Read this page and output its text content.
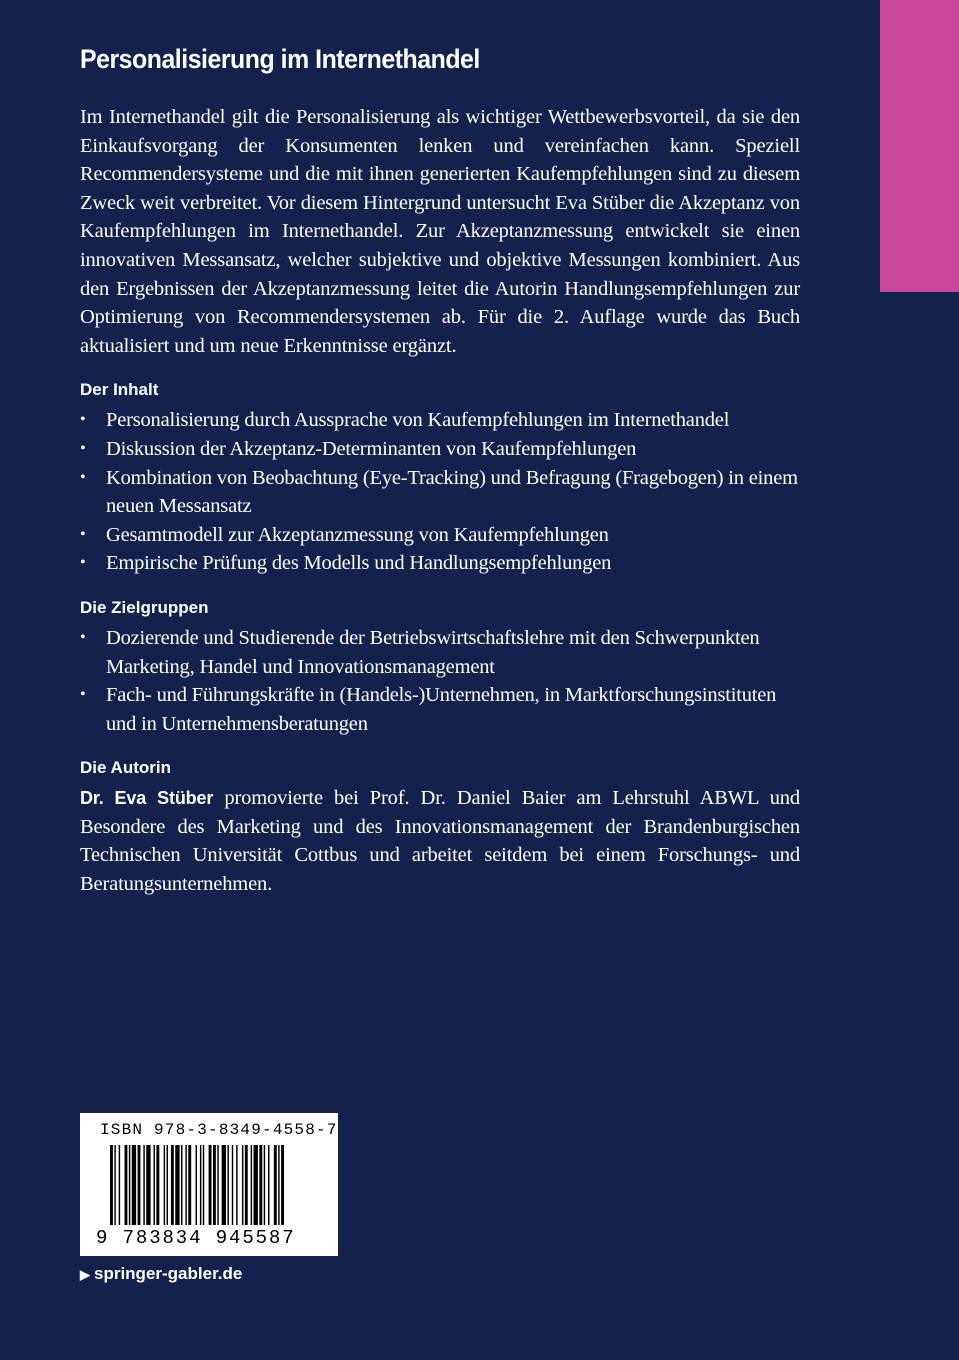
Personalisierung im Internethandel

Im Internethandel gilt die Personalisierung als wichtiger Wettbewerbsvorteil, da sie den Einkaufsvorgang der Konsumenten lenken und vereinfachen kann. Speziell Recommendersysteme und die mit ihnen generierten Kaufempfehlungen sind zu diesem Zweck weit verbreitet. Vor diesem Hintergrund untersucht Eva Stüber die Akzeptanz von Kaufempfehlungen im Internethandel. Zur Akzeptanzmessung entwickelt sie einen innovativen Messansatz, welcher subjektive und objektive Messungen kombiniert. Aus den Ergebnissen der Akzeptanzmessung leitet die Autorin Handlungsempfehlungen zur Optimierung von Recommendersystemen ab. Für die 2. Auflage wurde das Buch aktualisiert und um neue Erkenntnisse ergänzt.

Der Inhalt
• Personalisierung durch Aussprache von Kaufempfehlungen im Internethandel
• Diskussion der Akzeptanz-Determinanten von Kaufempfehlungen
• Kombination von Beobachtung (Eye-Tracking) und Befragung (Fragebogen) in einem neuen Messansatz
• Gesamtmodell zur Akzeptanzmessung von Kaufempfehlungen
• Empirische Prüfung des Modells und Handlungsempfehlungen
Die Zielgruppen
• Dozierende und Studierende der Betriebswirtschaftslehre mit den Schwerpunkten Marketing, Handel und Innovationsmanagement
• Fach- und Führungskräfte in (Handels-)Unternehmen, in Marktforschungsinstituten und in Unternehmensberatungen
Die Autorin

Dr. Eva Stüber promovierte bei Prof. Dr. Daniel Baier am Lehrstuhl ABWL und Besondere des Marketing und des Innovationsmanagement der Brandenburgischen Technischen Universität Cottbus und arbeitet seitdem bei einem Forschungs- und Beratungsunternehmen.

ISBN 978-3-8349-4558-7
9 783834 945587
▶ springer-gabler.de
